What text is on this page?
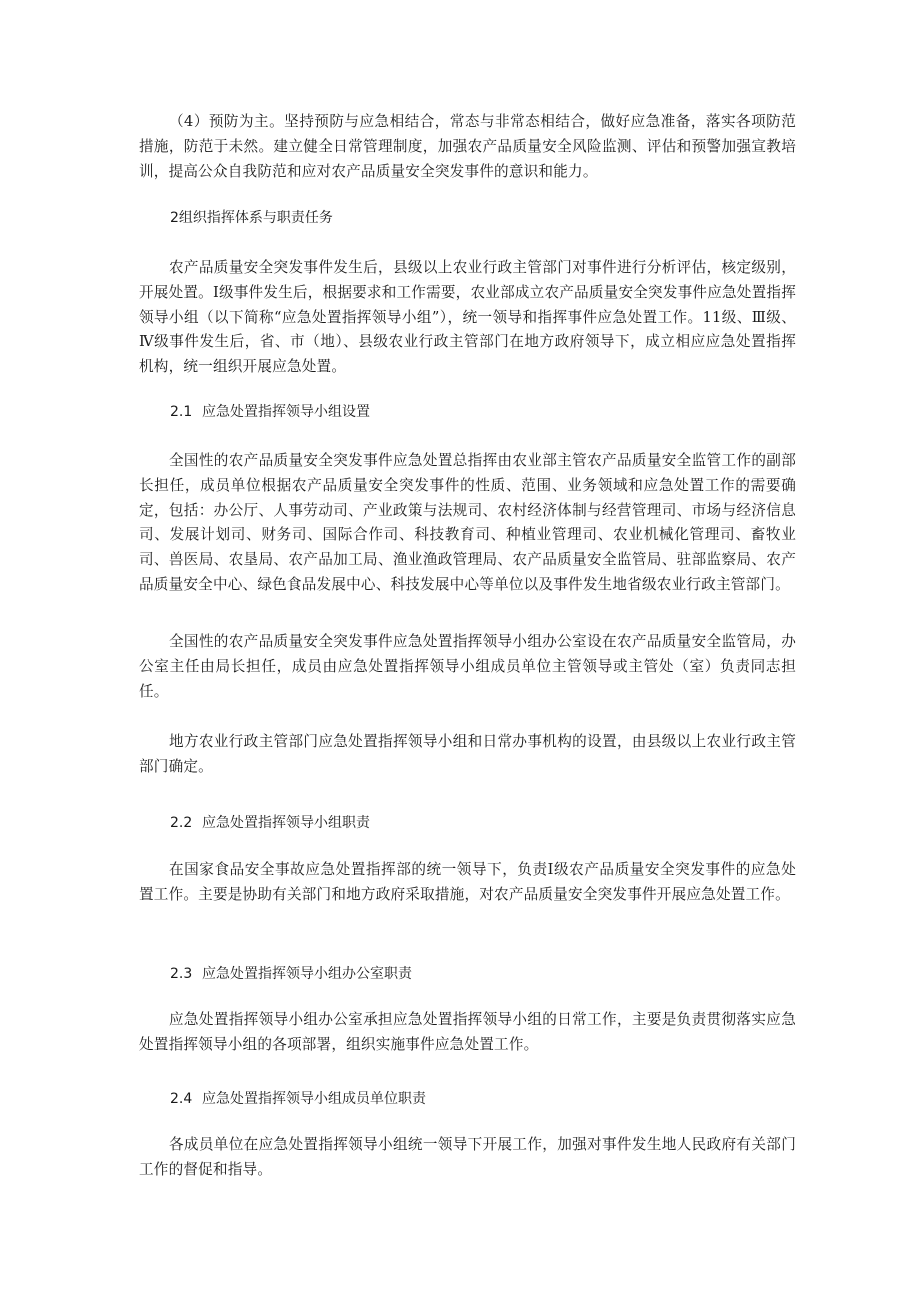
（4）预防为主。坚持预防与应急相结合，常态与非常态相结合，做好应急准备，落实各项防范措施，防范于未然。建立健全日常管理制度，加强农产品质量安全风险监测、评估和预警加强宣教培训，提高公众自我防范和应对农产品质量安全突发事件的意识和能力。

2组织指挥体系与职责任务

农产品质量安全突发事件发生后，县级以上农业行政主管部门对事件进行分析评估，核定级别，开展处置。I级事件发生后，根据要求和工作需要，农业部成立农产品质量安全突发事件应急处置指挥领导小组（以下简称“应急处置指挥领导小组”），统一领导和指挥事件应急处置工作。11级、Ⅲ级、Ⅳ级事件发生后，省、市（地）、县级农业行政主管部门在地方政府领导下，成立相应应急处置指挥机构，统一组织开展应急处置。

2.1 应急处置指挥领导小组设置

全国性的农产品质量安全突发事件应急处置总指挥由农业部主管农产品质量安全监管工作的副部长担任，成员单位根据农产品质量安全突发事件的性质、范围、业务领域和应急处置工作的需要确定，包括：办公厅、人事劳动司、产业政策与法规司、农村经济体制与经营管理司、市场与经济信息司、发展计划司、财务司、国际合作司、科技教育司、种植业管理司、农业机械化管理司、畜牧业司、兽医局、农垦局、农产品加工局、渔业渔政管理局、农产品质量安全监管局、驻部监察局、农产品质量安全中心、绿色食品发展中心、科技发展中心等单位以及事件发生地省级农业行政主管部门。

全国性的农产品质量安全突发事件应急处置指挥领导小组办公室设在农产品质量安全监管局，办公室主任由局长担任，成员由应急处置指挥领导小组成员单位主管领导或主管处（室）负责同志担任。

地方农业行政主管部门应急处置指挥领导小组和日常办事机构的设置，由县级以上农业行政主管部门确定。

2.2 应急处置指挥领导小组职责

在国家食品安全事故应急处置指挥部的统一领导下，负责I级农产品质量安全突发事件的应急处置工作。主要是协助有关部门和地方政府采取措施，对农产品质量安全突发事件开展应急处置工作。

2.3 应急处置指挥领导小组办公室职责

应急处置指挥领导小组办公室承担应急处置指挥领导小组的日常工作，主要是负责贯彻落实应急处置指挥领导小组的各项部署，组织实施事件应急处置工作。

2.4 应急处置指挥领导小组成员单位职责

各成员单位在应急处置指挥领导小组统一领导下开展工作，加强对事件发生地人民政府有关部门工作的督促和指导。
